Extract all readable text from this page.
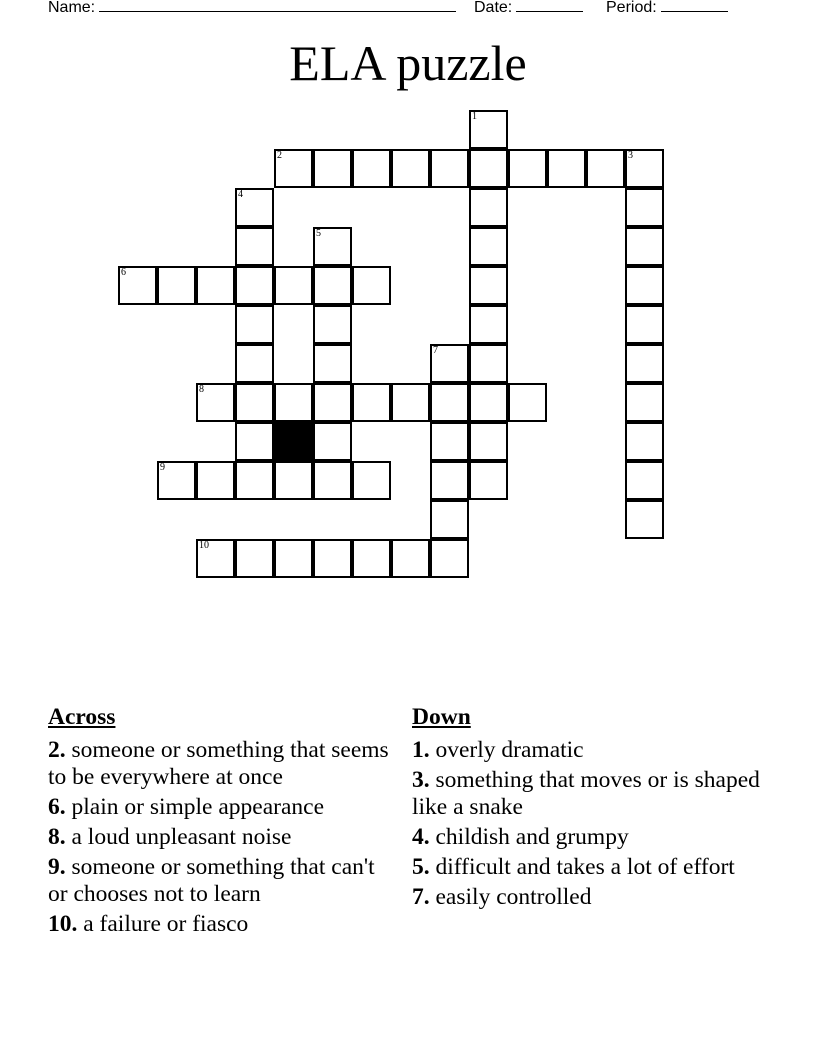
Name:	Date:	Period:
ELA puzzle
1
2	3
4
5
6
7
8
9
10
Across
2. someone or something that seems to be everywhere at once
6. plain or simple appearance
8. a loud unpleasant noise
9. someone or something that can't or chooses not to learn
10. a failure or fiasco
Down
1. overly dramatic
3. something that moves or is shaped like a snake
4. childish and grumpy
5. difficult and takes a lot of effort
7. easily controlled
